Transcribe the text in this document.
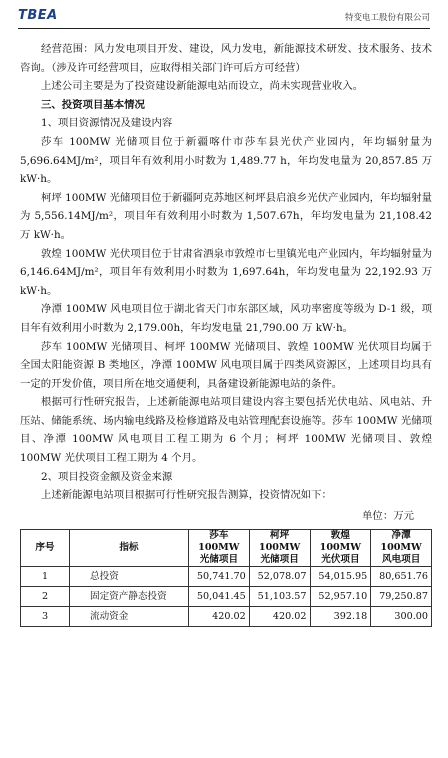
TBEA	特变电工股份有限公司

经营范围：风力发电项目开发、建设，风力发电，新能源技术研发、技术服务、技术咨询。（涉及许可经营项目，应取得相关部门许可后方可经营）

上述公司主要是为了投资建设新能源电站而设立，尚未实现营业收入。

三、投资项目基本情况

1、项目资源情况及建设内容

莎车 100MW 光储项目位于新疆喀什市莎车县光伏产业园内，年均辐射量为 5,696.64MJ/m²，项目年有效利用小时数为 1,489.77 h，年均发电量为 20,857.85 万 kW·h。

柯坪 100MW 光储项目位于新疆阿克苏地区柯坪县启浪乡光伏产业园内，年均辐射量为 5,556.14MJ/m²，项目年有效利用小时数为 1,507.67h，年均发电量为 21,108.42 万 kW·h。

敦煌 100MW 光伏项目位于甘肃省酒泉市敦煌市七里镇光电产业园内，年均辐射量为 6,146.64MJ/m²，项目年有效利用小时数为 1,697.64h，年均发电量为 22,192.93 万 kW·h。

净潭 100MW 风电项目位于湖北省天门市东部区域，风功率密度等级为 D-1 级，项目年有效利用小时数为 2,179.00h，年均发电量 21,790.00 万 kW·h。

莎车 100MW 光储项目、柯坪 100MW 光储项目、敦煌 100MW 光伏项目均属于全国太阳能资源 B 类地区，净潭 100MW 风电项目属于四类风资源区，上述项目均具有一定的开发价值，项目所在地交通便利，具备建设新能源电站的条件。

根据可行性研究报告，上述新能源电站项目建设内容主要包括光伏电站、风电站、升压站、储能系统、场内输电线路及检修道路及电站管理配套设施等。莎车 100MW 光储项目、净潭 100MW 风电项目工程工期为 6 个月；柯坪 100MW 光储项目、敦煌 100MW 光伏项目工程工期为 4 个月。

2、项目投资金额及资金来源

上述新能源电站项目根据可行性研究报告测算，投资情况如下：

单位：万元
序号	指标	莎车 100MW 光储项目	柯坪 100MW 光储项目	敦煌 100MW 光伏项目	净潭 100MW 风电项目
1	总投资	50,741.70	52,078.07	54,015.95	80,651.76
2	固定资产静态投资	50,041.45	51,103.57	52,957.10	79,250.87
3	流动资金	420.02	420.02	392.18	300.00
